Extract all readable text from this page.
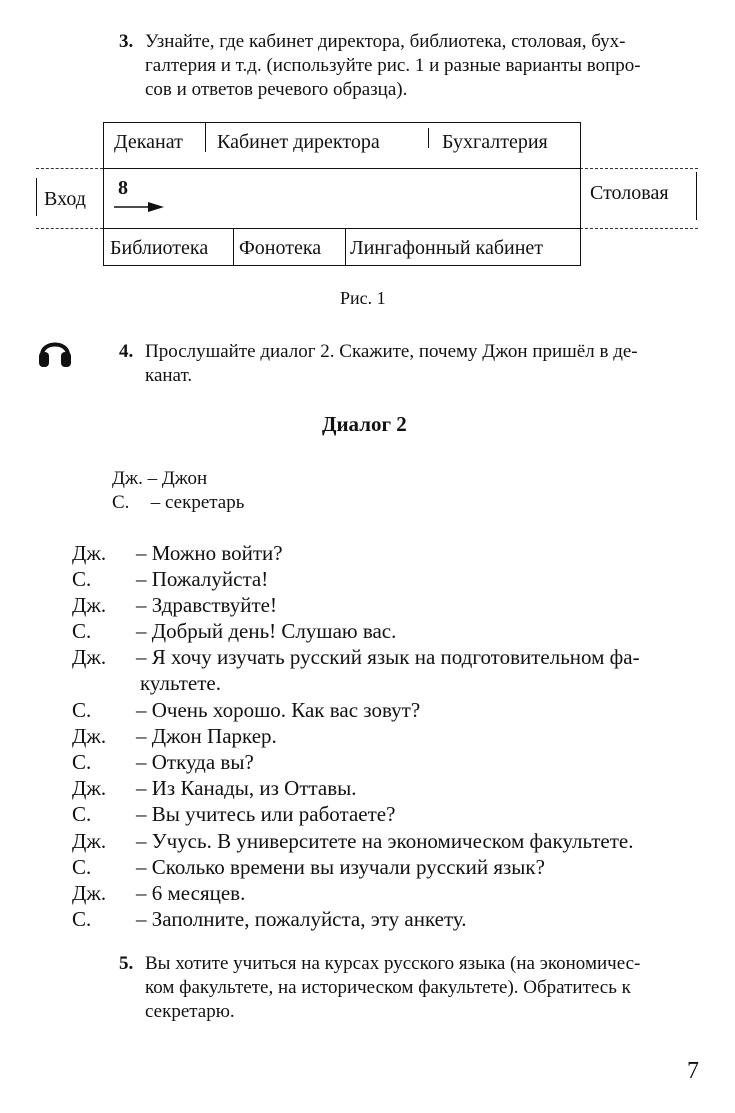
3. Узнайте, где кабинет директора, библиотека, столовая, бух-
галтерия и т.д. (используйте рис. 1 и разные варианты вопро-
сов и ответов речевого образца).
Деканат Кабинет директора	Бухгалтерия
Вход 8	Столовая
Библиотека Фонотека Лингафонный кабинет
Рис. 1
4. Прослушайте диалог 2. Скажите, почему Джон пришёл в де-
канат.
Диалог 2
Дж. – Джон
С. – секретарь
Дж. – Можно войти?
С. – Пожалуйста!
Дж. – Здравствуйте!
С. – Добрый день! Слушаю вас.
Дж. – Я хочу изучать русский язык на подготовительном фа-
культете.
С. – Очень хорошо. Как вас зовут?
Дж. – Джон Паркер.
С. – Откуда вы?
Дж. – Из Канады, из Оттавы.
С. – Вы учитесь или работаете?
Дж. – Учусь. В университете на экономическом факультете.
С. – Сколько времени вы изучали русский язык?
Дж. – 6 месяцев.
С. – Заполните, пожалуйста, эту анкету.
5. Вы хотите учиться на курсах русского языка (на экономичес-
ком факультете, на историческом факультете). Обратитесь к
секретарю.
7
